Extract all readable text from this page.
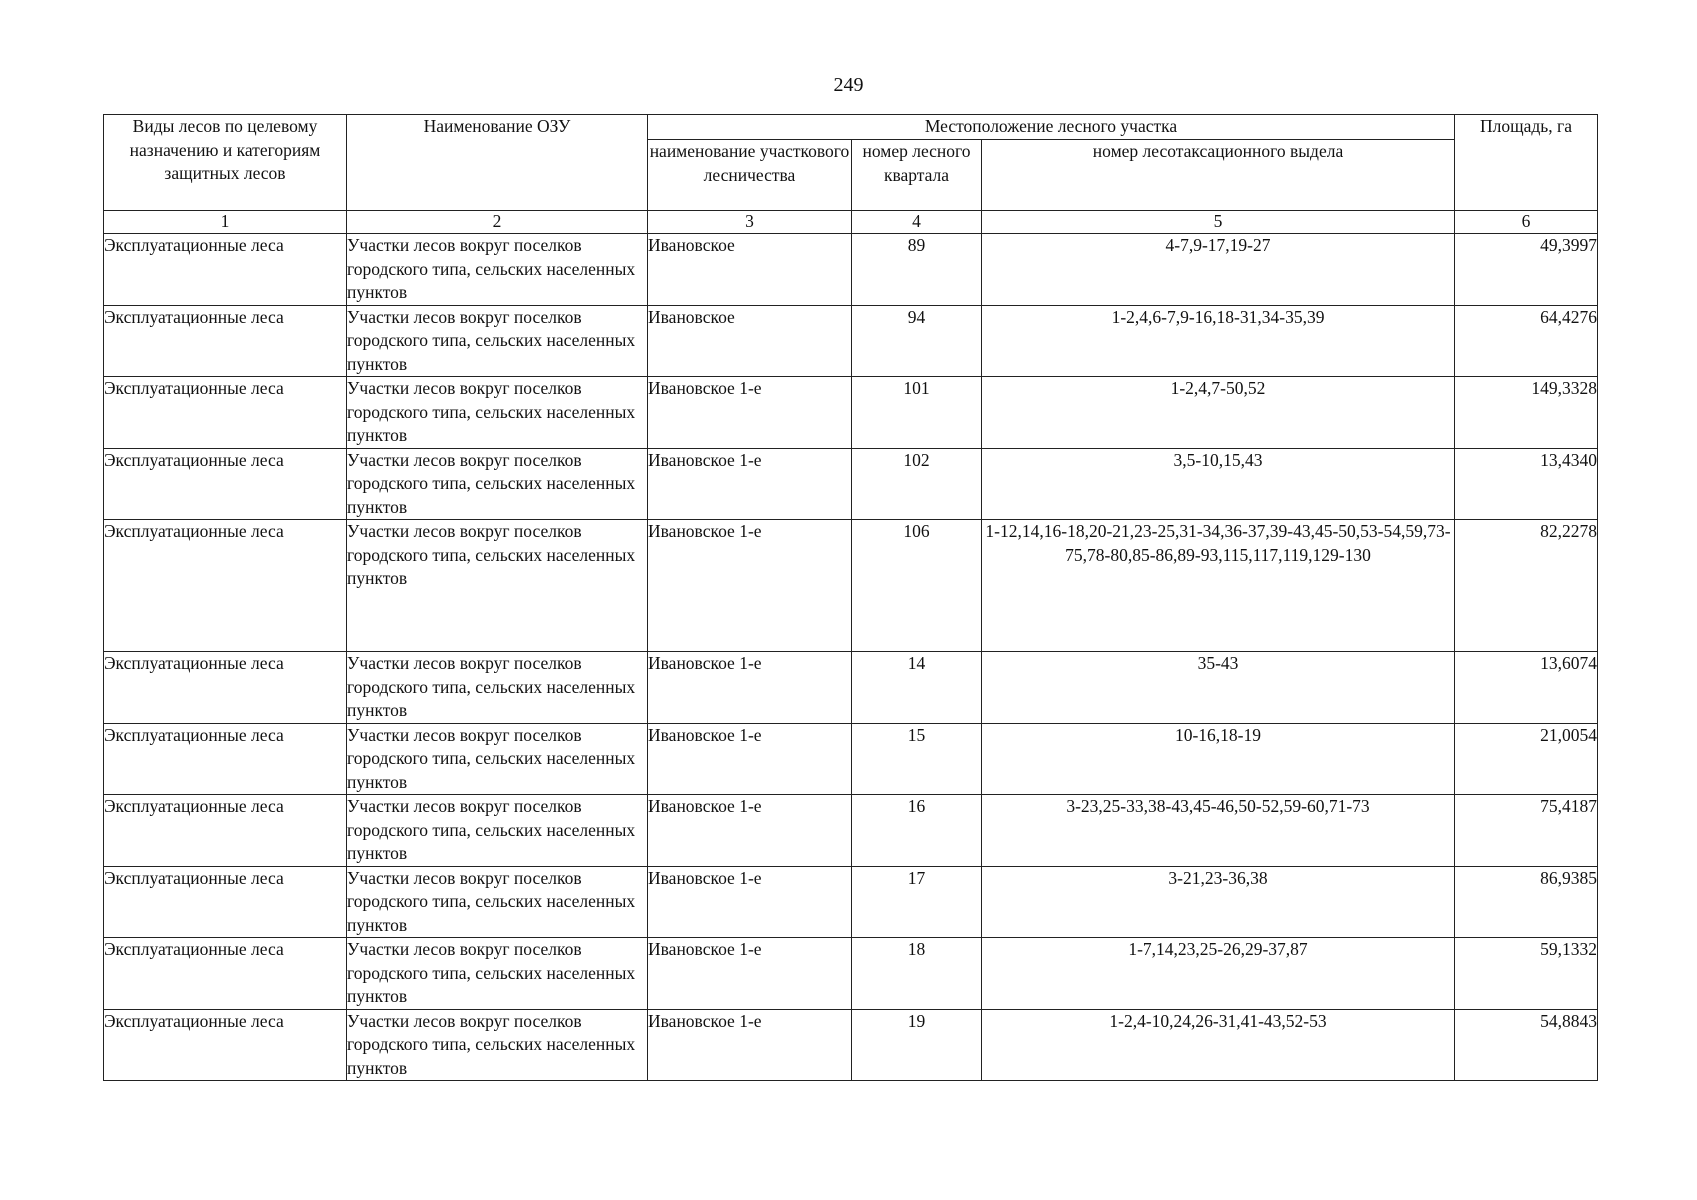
249
Виды лесов по целевому назначению и категориям защитных лесов	Наименование ОЗУ	Местоположение лесного участка			Площадь, га
		наименование участкового лесничества	номер лесного квартала	номер лесотаксационного выдела	
1	2	3	4	5	6
Эксплуатационные леса	Участки лесов вокруг поселков городского типа, сельских населенных пунктов	Ивановское	89	4-7,9-17,19-27	49,3997
Эксплуатационные леса	Участки лесов вокруг поселков городского типа, сельских населенных пунктов	Ивановское	94	1-2,4,6-7,9-16,18-31,34-35,39	64,4276
Эксплуатационные леса	Участки лесов вокруг поселков городского типа, сельских населенных пунктов	Ивановское 1-е	101	1-2,4,7-50,52	149,3328
Эксплуатационные леса	Участки лесов вокруг поселков городского типа, сельских населенных пунктов	Ивановское 1-е	102	3,5-10,15,43	13,4340
Эксплуатационные леса	Участки лесов вокруг поселков городского типа, сельских населенных пунктов	Ивановское 1-е	106	1-12,14,16-18,20-21,23-25,31-34,36-37,39-43,45-50,53-54,59,73-75,78-80,85-86,89-93,115,117,119,129-130	82,2278
Эксплуатационные леса	Участки лесов вокруг поселков городского типа, сельских населенных пунктов	Ивановское 1-е	14	35-43	13,6074
Эксплуатационные леса	Участки лесов вокруг поселков городского типа, сельских населенных пунктов	Ивановское 1-е	15	10-16,18-19	21,0054
Эксплуатационные леса	Участки лесов вокруг поселков городского типа, сельских населенных пунктов	Ивановское 1-е	16	3-23,25-33,38-43,45-46,50-52,59-60,71-73	75,4187
Эксплуатационные леса	Участки лесов вокруг поселков городского типа, сельских населенных пунктов	Ивановское 1-е	17	3-21,23-36,38	86,9385
Эксплуатационные леса	Участки лесов вокруг поселков городского типа, сельских населенных пунктов	Ивановское 1-е	18	1-7,14,23,25-26,29-37,87	59,1332
Эксплуатационные леса	Участки лесов вокруг поселков городского типа, сельских населенных пунктов	Ивановское 1-е	19	1-2,4-10,24,26-31,41-43,52-53	54,8843
